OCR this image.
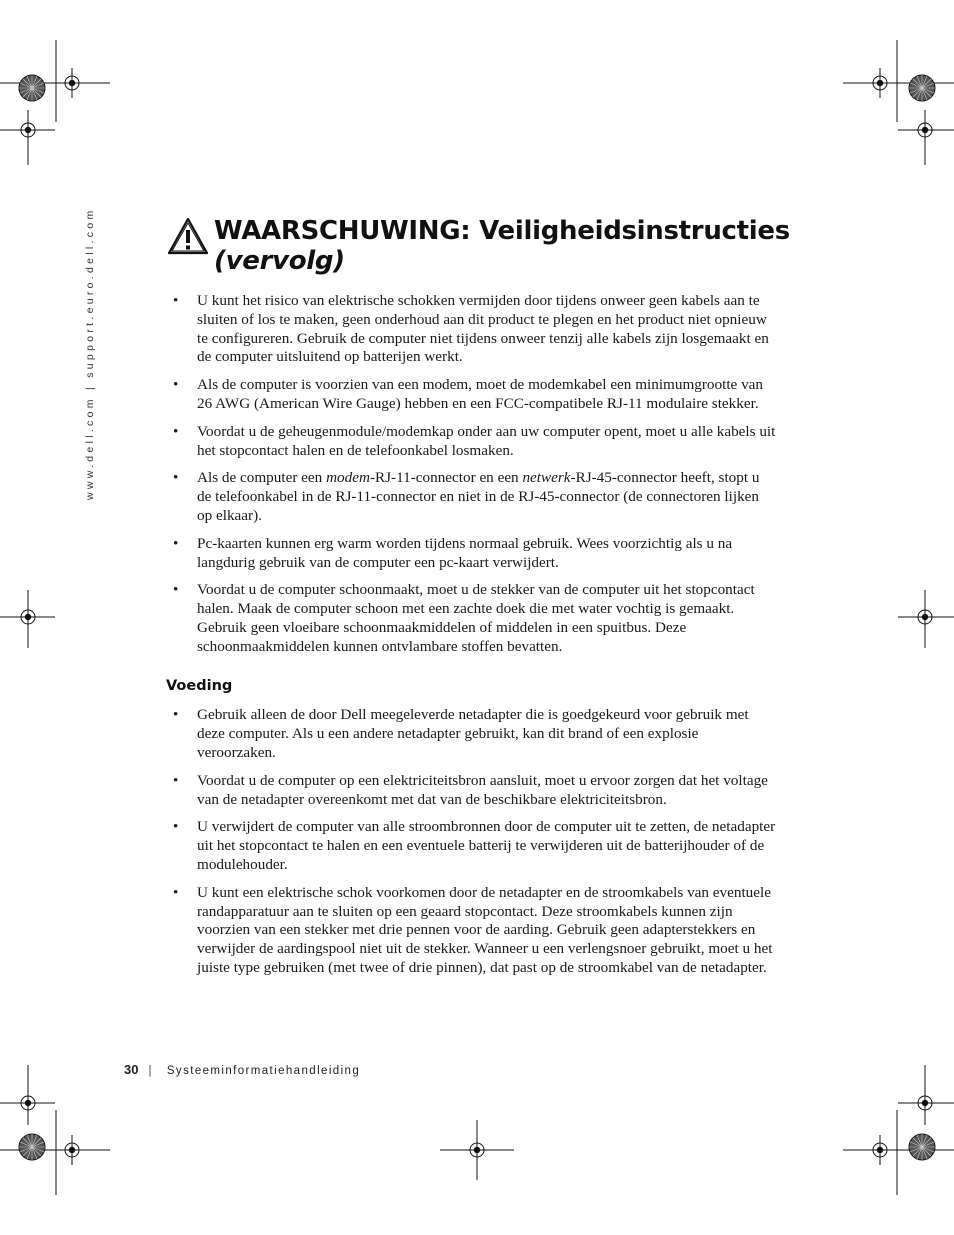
www.dell.com | support.euro.dell.com	WAARSCHUWING: Veiligheidsinstructies
(vervolg)
• U kunt het risico van elektrische schokken vermijden door tijdens onweer geen kabels aan te sluiten of los te maken, geen onderhoud aan dit product te plegen en het product niet opnieuw te configureren. Gebruik de computer niet tijdens onweer tenzij alle kabels zijn losgemaakt en de computer uitsluitend op batterijen werkt.
• Als de computer is voorzien van een modem, moet de modemkabel een minimumgrootte van 26 AWG (American Wire Gauge) hebben en een FCC-compatibele RJ-11 modulaire stekker.
• Voordat u de geheugenmodule/modemkap onder aan uw computer opent, moet u alle kabels uit het stopcontact halen en de telefoonkabel losmaken.
• Als de computer een modem-RJ-11-connector en een netwerk-RJ-45-connector heeft, stopt u de telefoonkabel in de RJ-11-connector en niet in de RJ-45-connector (de connectoren lijken op elkaar).
• Pc-kaarten kunnen erg warm worden tijdens normaal gebruik. Wees voorzichtig als u na langdurig gebruik van de computer een pc-kaart verwijdert.
• Voordat u de computer schoonmaakt, moet u de stekker van de computer uit het stopcontact halen. Maak de computer schoon met een zachte doek die met water vochtig is gemaakt. Gebruik geen vloeibare schoonmaakmiddelen of middelen in een spuitbus. Deze schoonmaakmiddelen kunnen ontvlambare stoffen bevatten.
Voeding
• Gebruik alleen de door Dell meegeleverde netadapter die is goedgekeurd voor gebruik met deze computer. Als u een andere netadapter gebruikt, kan dit brand of een explosie veroorzaken.
• Voordat u de computer op een elektriciteitsbron aansluit, moet u ervoor zorgen dat het voltage van de netadapter overeenkomt met dat van de beschikbare elektriciteitsbron.
• U verwijdert de computer van alle stroombronnen door de computer uit te zetten, de netadapter uit het stopcontact te halen en een eventuele batterij te verwijderen uit de batterijhouder of de modulehouder.
• U kunt een elektrische schok voorkomen door de netadapter en de stroomkabels van eventuele randapparatuur aan te sluiten op een geaard stopcontact. Deze stroomkabels kunnen zijn voorzien van een stekker met drie pennen voor de aarding. Gebruik geen adapterstekkers en verwijder de aardingspool niet uit de stekker. Wanneer u een verlengsnoer gebruikt, moet u het juiste type gebruiken (met twee of drie pinnen), dat past op de stroomkabel van de netadapter.
30 | Systeeminformatiehandleiding
